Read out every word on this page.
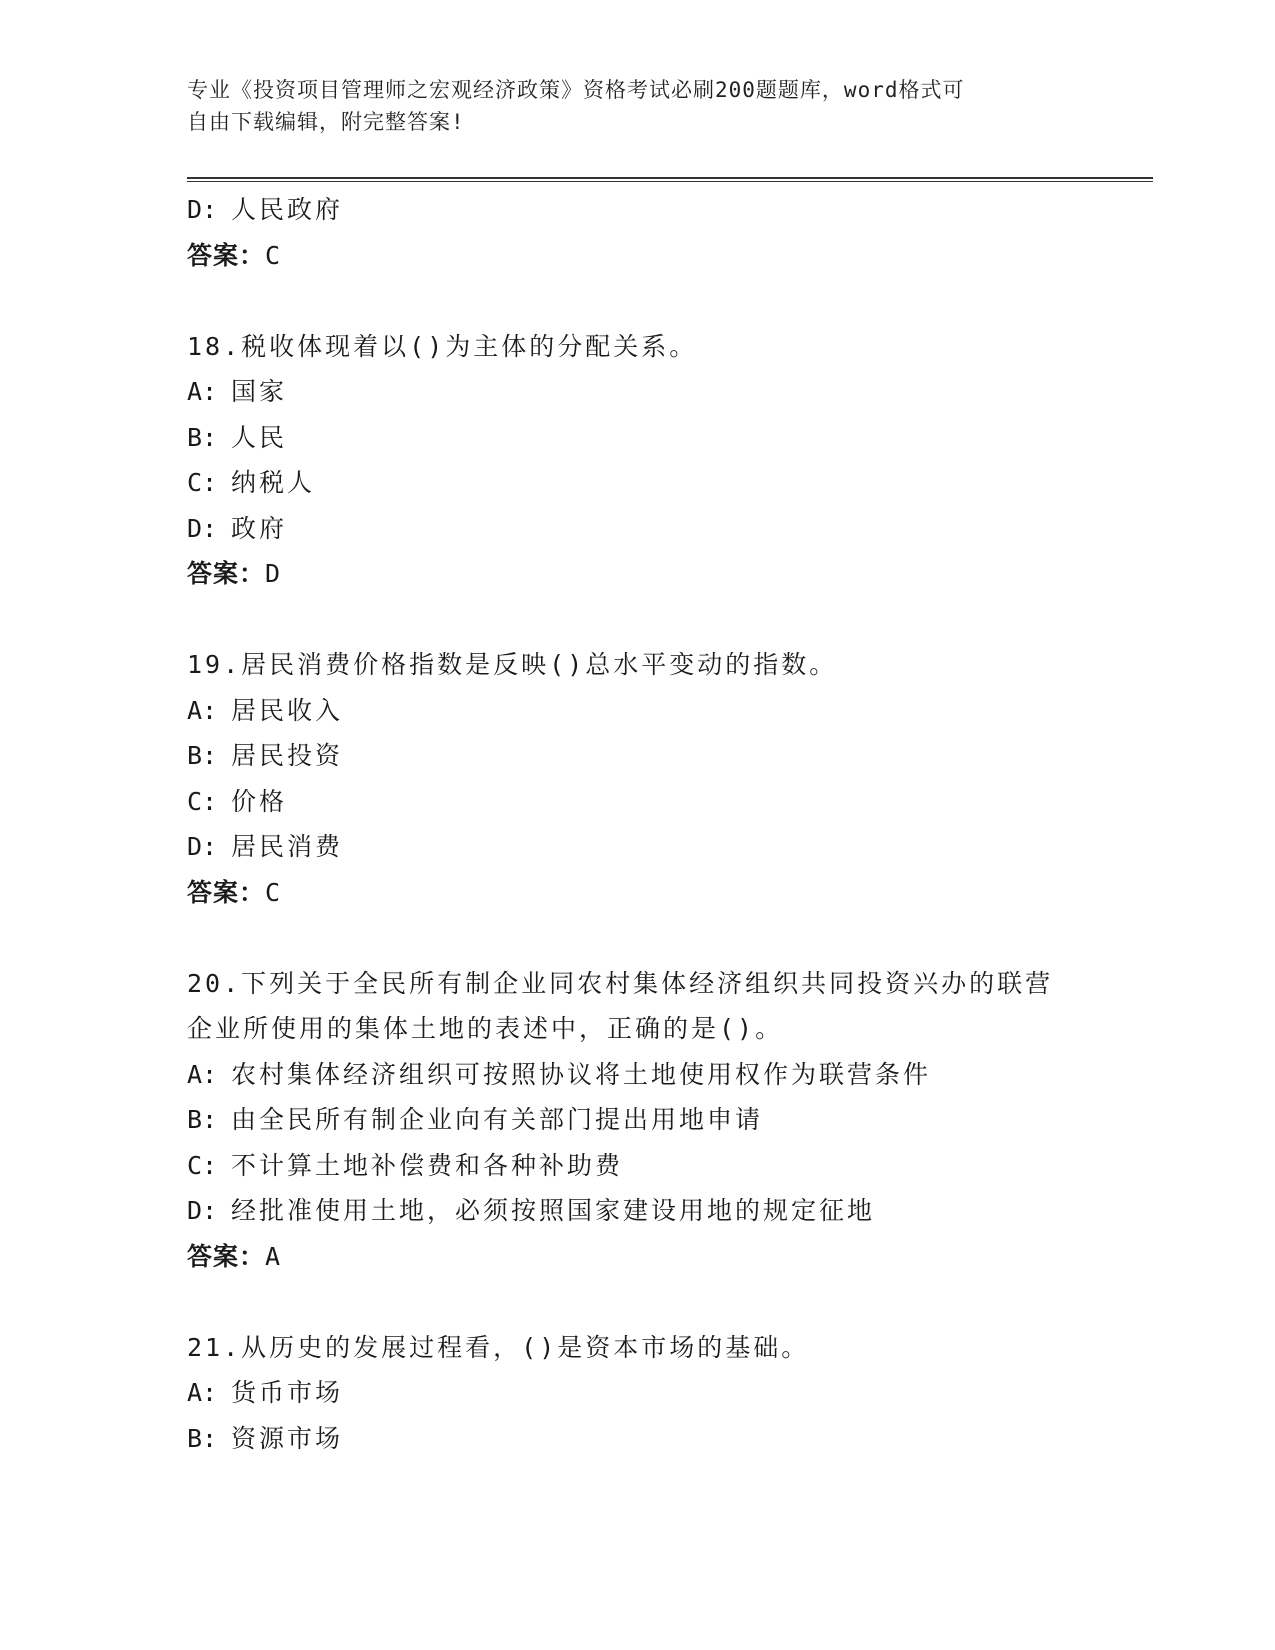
专业《投资项目管理师之宏观经济政策》资格考试必刷200题题库，word格式可
自由下载编辑，附完整答案!
D: 人民政府
答案：C
18.税收体现着以()为主体的分配关系。
A: 国家
B: 人民
C: 纳税人
D: 政府
答案：D
19.居民消费价格指数是反映()总水平变动的指数。
A: 居民收入
B: 居民投资
C: 价格
D: 居民消费
答案：C
20.下列关于全民所有制企业同农村集体经济组织共同投资兴办的联营
企业所使用的集体土地的表述中，正确的是()。
A: 农村集体经济组织可按照协议将土地使用权作为联营条件
B: 由全民所有制企业向有关部门提出用地申请
C: 不计算土地补偿费和各种补助费
D: 经批准使用土地，必须按照国家建设用地的规定征地
答案：A
21.从历史的发展过程看，()是资本市场的基础。
A: 货币市场
B: 资源市场
